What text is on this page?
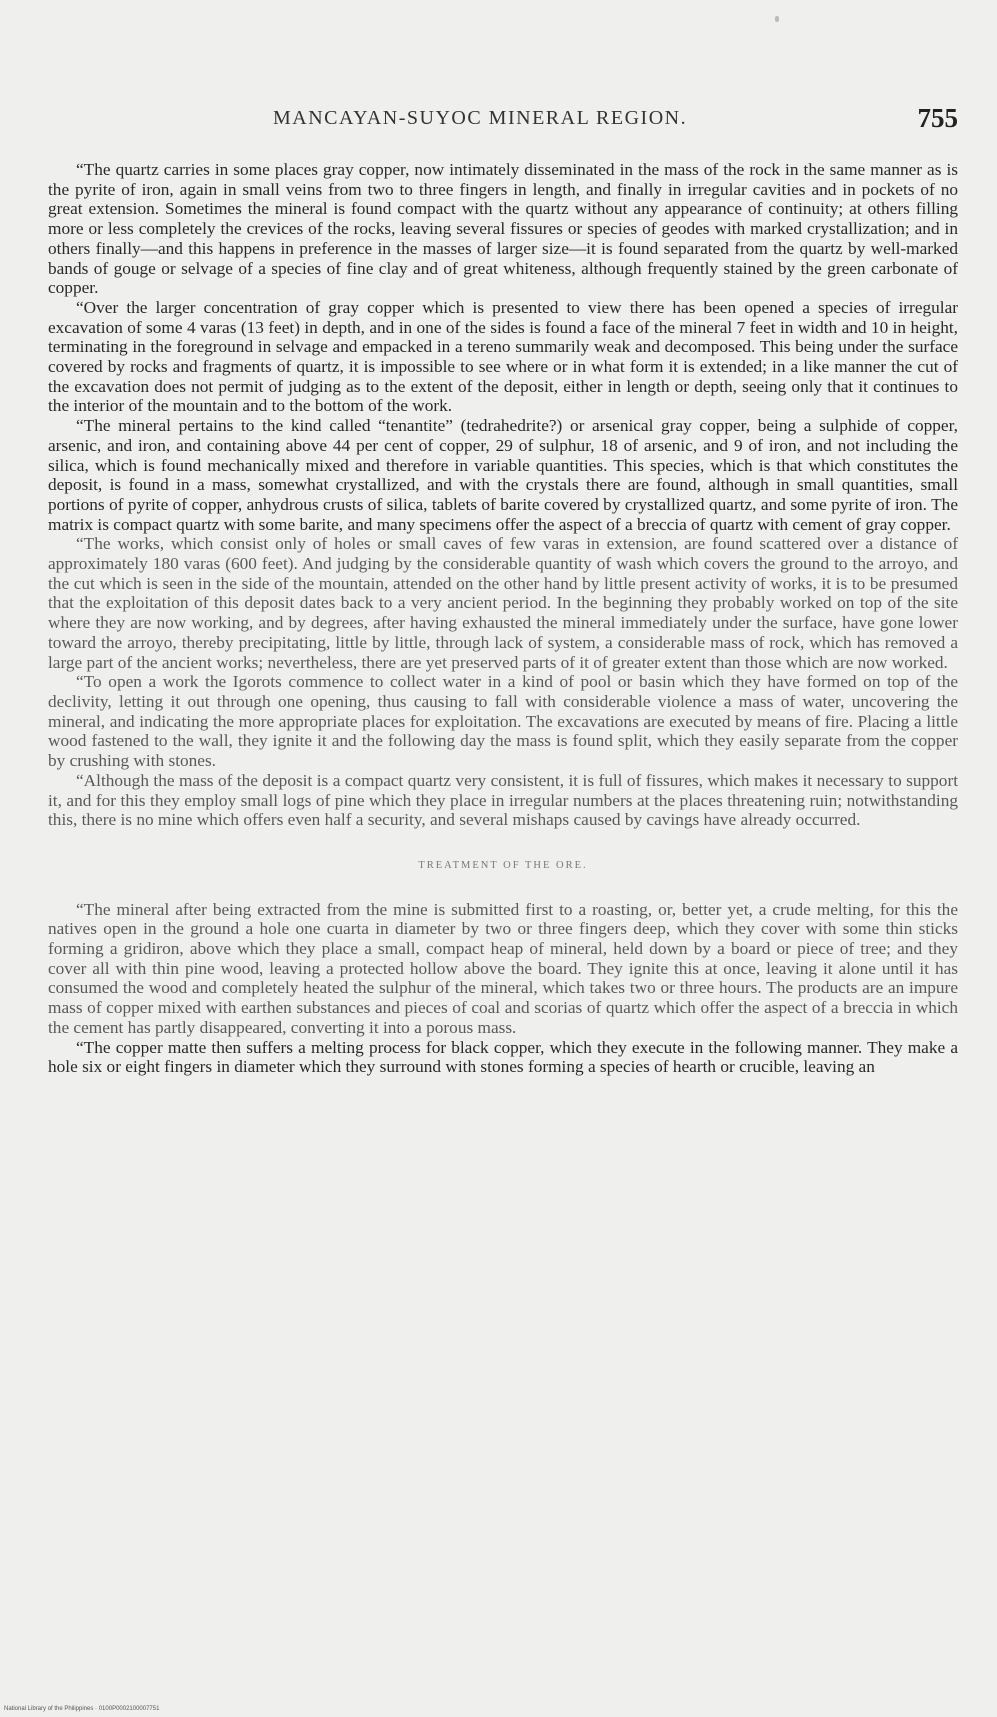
MANCAYAN-SUYOC MINERAL REGION.	755

“The quartz carries in some places gray copper, now intimately disseminated in the mass of the rock in the same manner as is the pyrite of iron, again in small veins from two to three fingers in length, and finally in irregular cavities and in pockets of no great extension. Sometimes the mineral is found compact with the quartz without any appearance of continuity; at others filling more or less completely the crevices of the rocks, leaving several fissures or species of geodes with marked crystallization; and in others finally—and this happens in preference in the masses of larger size—it is found separated from the quartz by well-marked bands of gouge or selvage of a species of fine clay and of great whiteness, although frequently stained by the green carbonate of copper.

“Over the larger concentration of gray copper which is presented to view there has been opened a species of irregular excavation of some 4 varas (13 feet) in depth, and in one of the sides is found a face of the mineral 7 feet in width and 10 in height, terminating in the foreground in selvage and empacked in a tereno summarily weak and decomposed. This being under the surface covered by rocks and fragments of quartz, it is impossible to see where or in what form it is extended; in a like manner the cut of the excavation does not permit of judging as to the extent of the deposit, either in length or depth, seeing only that it continues to the interior of the mountain and to the bottom of the work.

“The mineral pertains to the kind called “tenantite” (tedrahedrite?) or arsenical gray copper, being a sulphide of copper, arsenic, and iron, and containing above 44 per cent of copper, 29 of sulphur, 18 of arsenic, and 9 of iron, and not including the silica, which is found mechanically mixed and therefore in variable quantities. This species, which is that which constitutes the deposit, is found in a mass, somewhat crystallized, and with the crystals there are found, although in small quantities, small portions of pyrite of copper, anhydrous crusts of silica, tablets of barite covered by crystallized quartz, and some pyrite of iron. The matrix is compact quartz with some barite, and many specimens offer the aspect of a breccia of quartz with cement of gray copper.

“The works, which consist only of holes or small caves of few varas in extension, are found scattered over a distance of approximately 180 varas (600 feet). And judging by the considerable quantity of wash which covers the ground to the arroyo, and the cut which is seen in the side of the mountain, attended on the other hand by little present activity of works, it is to be presumed that the exploitation of this deposit dates back to a very ancient period. In the beginning they probably worked on top of the site where they are now working, and by degrees, after having exhausted the mineral immediately under the surface, have gone lower toward the arroyo, thereby precipitating, little by little, through lack of system, a considerable mass of rock, which has removed a large part of the ancient works; nevertheless, there are yet preserved parts of it of greater extent than those which are now worked.

“To open a work the Igorots commence to collect water in a kind of pool or basin which they have formed on top of the declivity, letting it out through one opening, thus causing to fall with considerable violence a mass of water, uncovering the mineral, and indicating the more appropriate places for exploitation. The excavations are executed by means of fire. Placing a little wood fastened to the wall, they ignite it and the following day the mass is found split, which they easily separate from the copper by crushing with stones.

“Although the mass of the deposit is a compact quartz very consistent, it is full of fissures, which makes it necessary to support it, and for this they employ small logs of pine which they place in irregular numbers at the places threatening ruin; notwithstanding this, there is no mine which offers even half a security, and several mishaps caused by cavings have already occurred.

TREATMENT OF THE ORE.

“The mineral after being extracted from the mine is submitted first to a roasting, or, better yet, a crude melting, for this the natives open in the ground a hole one cuarta in diameter by two or three fingers deep, which they cover with some thin sticks forming a gridiron, above which they place a small, compact heap of mineral, held down by a board or piece of tree; and they cover all with thin pine wood, leaving a protected hollow above the board. They ignite this at once, leaving it alone until it has consumed the wood and completely heated the sulphur of the mineral, which takes two or three hours. The products are an impure mass of copper mixed with earthen substances and pieces of coal and scorias of quartz which offer the aspect of a breccia in which the cement has partly disappeared, converting it into a porous mass.

“The copper matte then suffers a melting process for black copper, which they execute in the following manner. They make a hole six or eight fingers in diameter which they surround with stones forming a species of hearth or crucible, leaving an

National Library of the Philippines · 0100P0002100007751
